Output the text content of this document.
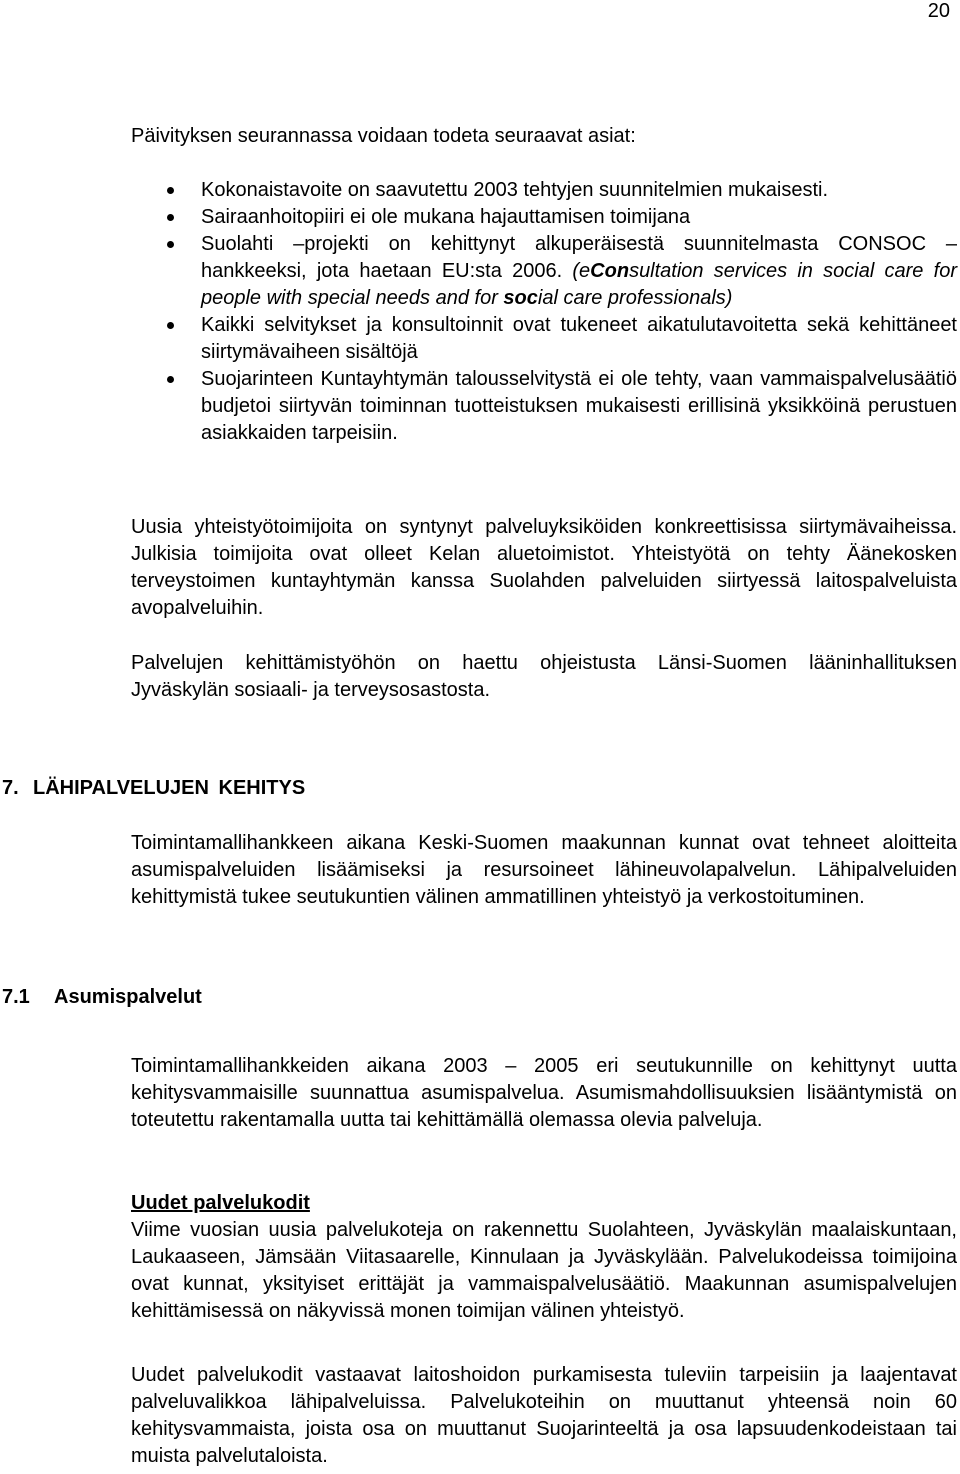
20

Päivityksen seurannassa voidaan todeta seuraavat asiat:

Kokonaistavoite on saavutettu 2003 tehtyjen suunnitelmien mukaisesti.
Sairaanhoitopiiri ei ole mukana hajauttamisen toimijana
Suolahti –projekti on kehittynyt alkuperäisestä suunnitelmasta CONSOC –hankkeeksi, jota haetaan EU:sta 2006. (eConsultation services in social care for people with special needs and for social care professionals)
Kaikki selvitykset ja konsultoinnit ovat tukeneet aikatulutavoitetta sekä kehittäneet siirtymävaiheen sisältöjä
Suojarinteen Kuntayhtymän talousselvitystä ei ole tehty, vaan vammaispalvelusäätiö budjetoi siirtyvän toiminnan tuotteistuksen mukaisesti erillisinä yksikköinä perustuen asiakkaiden tarpeisiin.

Uusia yhteistyötoimijoita on syntynyt palveluyksiköiden konkreettisissa siirtymävaiheissa. Julkisia toimijoita ovat olleet Kelan aluetoimistot. Yhteistyötä on tehty Äänekosken terveystoimen kuntayhtymän kanssa Suolahden palveluiden siirtyessä laitospalveluista avopalveluihin.

Palvelujen kehittämistyöhön on haettu ohjeistusta Länsi-Suomen lääninhallituksen Jyväskylän sosiaali- ja terveysosastosta.

7. LÄHIPALVELUJEN KEHITYS

Toimintamallihankkeen aikana Keski-Suomen maakunnan kunnat ovat tehneet aloitteita asumispalveluiden lisäämiseksi ja resursoineet lähineuvolapalvelun. Lähipalveluiden kehittymistä tukee seutukuntien välinen ammatillinen yhteistyö ja verkostoituminen.

7.1 Asumispalvelut

Toimintamallihankkeiden aikana 2003 – 2005 eri seutukunnille on kehittynyt uutta kehitysvammaisille suunnattua asumispalvelua. Asumismahdollisuuksien lisääntymistä on toteutettu rakentamalla uutta tai kehittämällä olemassa olevia palveluja.

Uudet palvelukodit

Viime vuosian uusia palvelukoteja on rakennettu Suolahteen, Jyväskylän maalaiskuntaan, Laukaaseen, Jämsään Viitasaarelle, Kinnulaan ja Jyväskylään. Palvelukodeissa toimijoina ovat kunnat, yksityiset erittäjät ja vammaispalvelusäätiö. Maakunnan asumispalvelujen kehittämisessä on näkyvissä monen toimijan välinen yhteistyö.

Uudet palvelukodit vastaavat laitoshoidon purkamisesta tuleviin tarpeisiin ja laajentavat palveluvalikkoa lähipalveluissa. Palvelukoteihin on muuttanut yhteensä noin 60 kehitysvammaista, joista osa on muuttanut Suojarinteeltä ja osa lapsuudenkodeistaan tai muista palvelutaloista.
